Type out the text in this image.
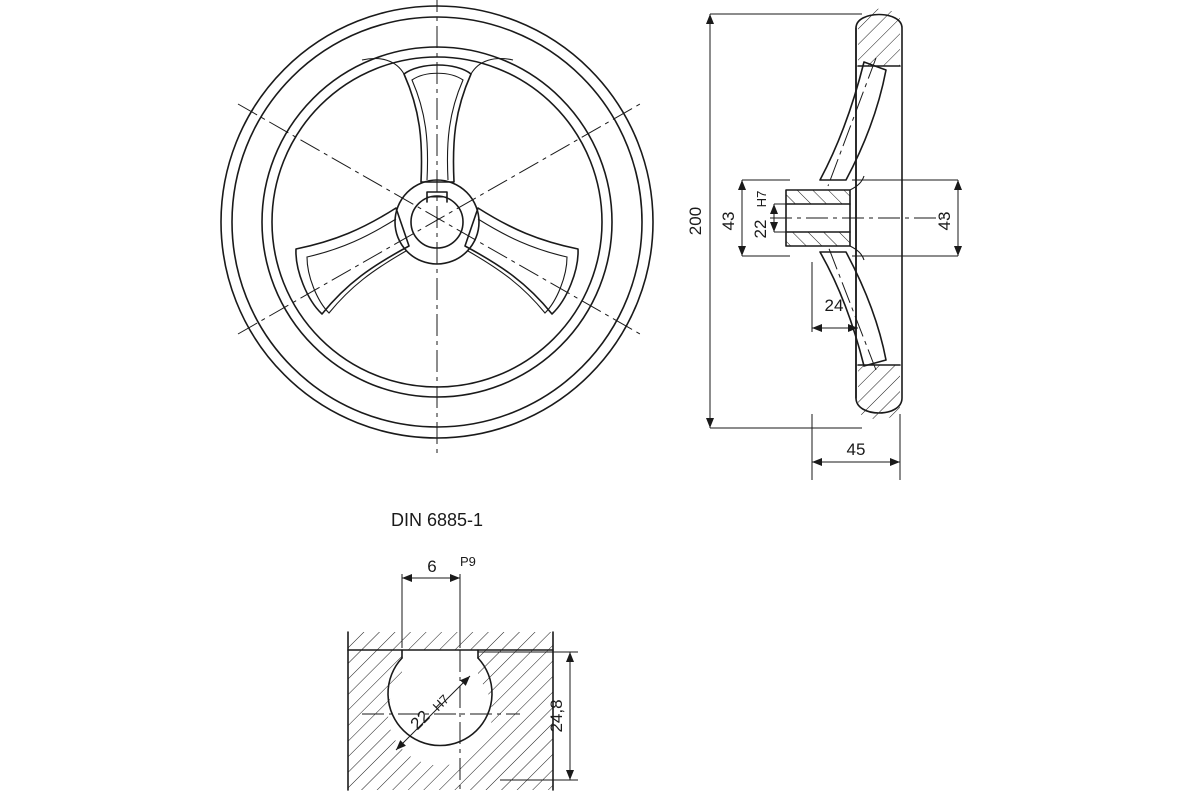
200 43 22
H7
43
24
45
DIN 6885-1
6 P9
22
H7	24,8
